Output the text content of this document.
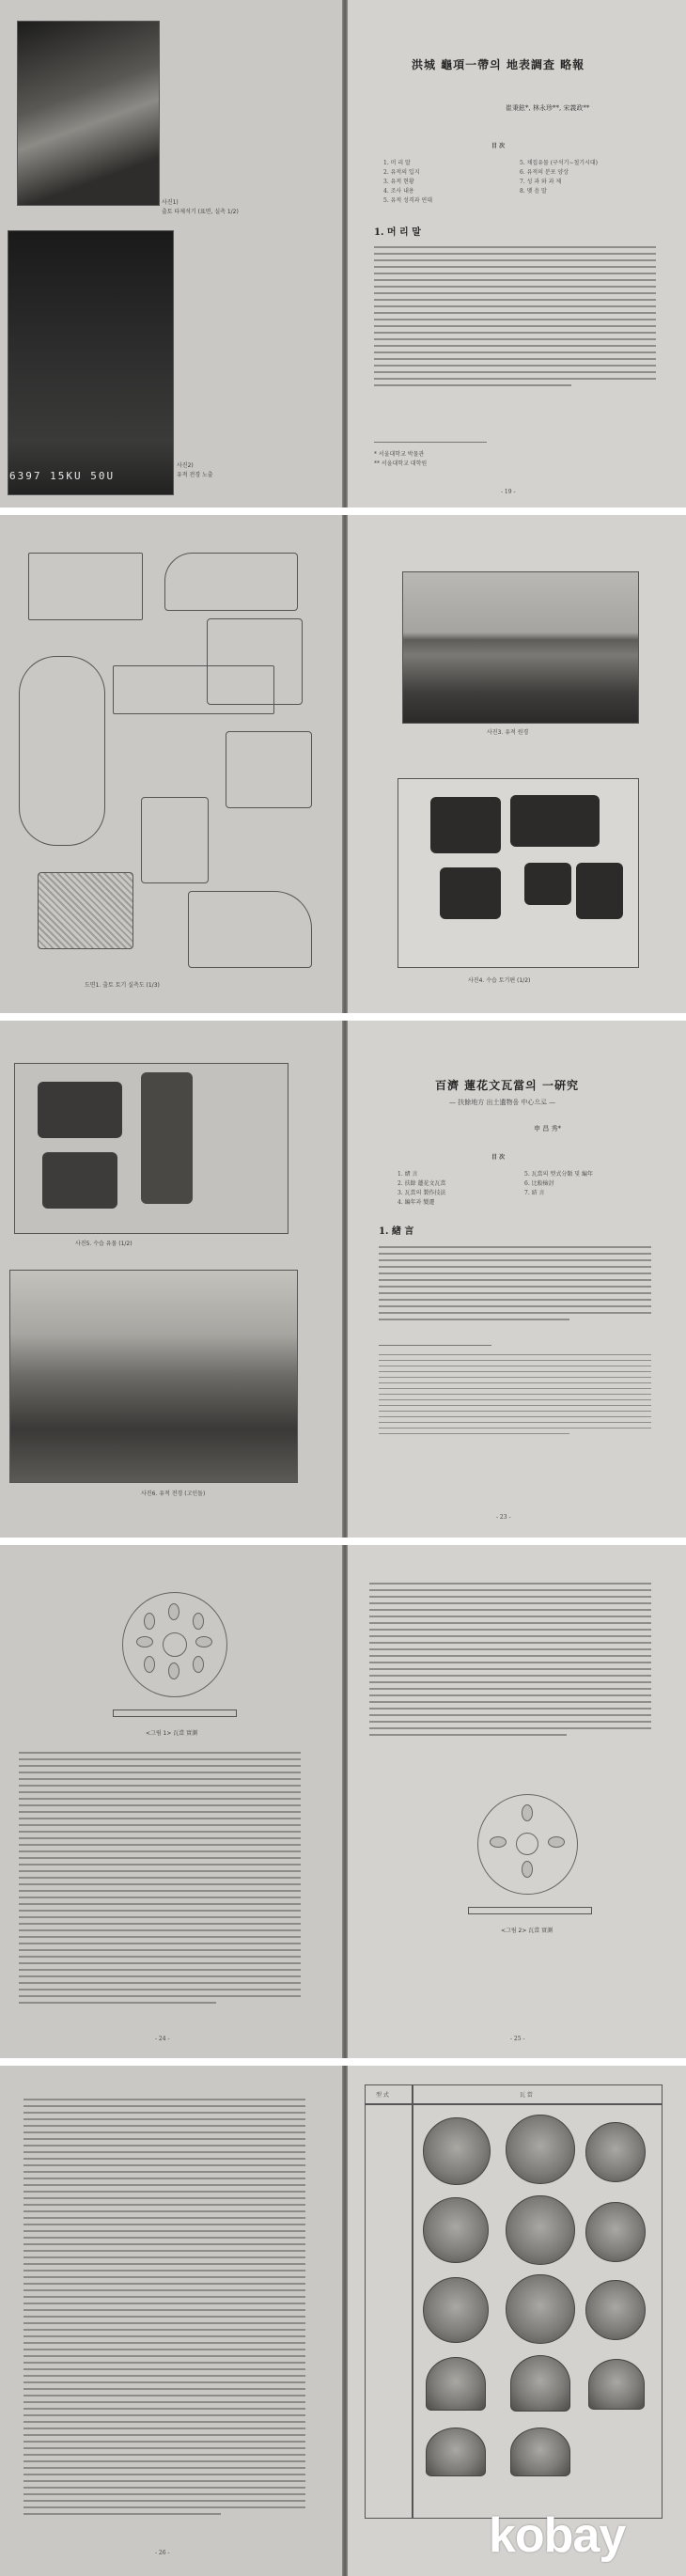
사진1)
출토 타제석기 (표면, 실측 1/2)
6397 15KU 50U
사진2)
유적 전경 노출
洪城 龜項一帶의 地表調査 略報
崔秉鉉*, 林永珍**, 宋義政**
目 次
1. 머 리 말
2. 유적의 입지
3. 유적 현황
4. 조사 내용
5. 유적 성격과 연대
5. 채집유물 (구석기∼철기시대)
6. 유적의 분포 양상
7. 성 과 와 과 제
8. 맺 음 말
1. 머 리 말
* 서울대학교 박물관
** 서울대학교 대학원
- 19 -
도면1. 출토 토기 실측도 (1/3)
사진3. 유적 원경
사진4. 수습 토기편 (1/2)
사진5. 수습 유물 (1/2)
사진6. 유적 전경 (고인돌)
百濟 蓮花文瓦當의 一硏究
— 扶餘地方 出土遺物을 中心으로 —
申 昌 秀*
目 次
1. 緖 言
2. 扶餘 蓮花文瓦當
3. 瓦當의 製作技法
4. 編年과 變遷
5. 瓦當의 型式分類 및 編年
6. 比較檢討
7. 結 言
1. 緖 言
- 23 -
<그림 1> 瓦當 實測
- 24 -
<그림 2> 瓦當 實測
- 25 -
- 26 -
型 式	瓦 當
kobay
